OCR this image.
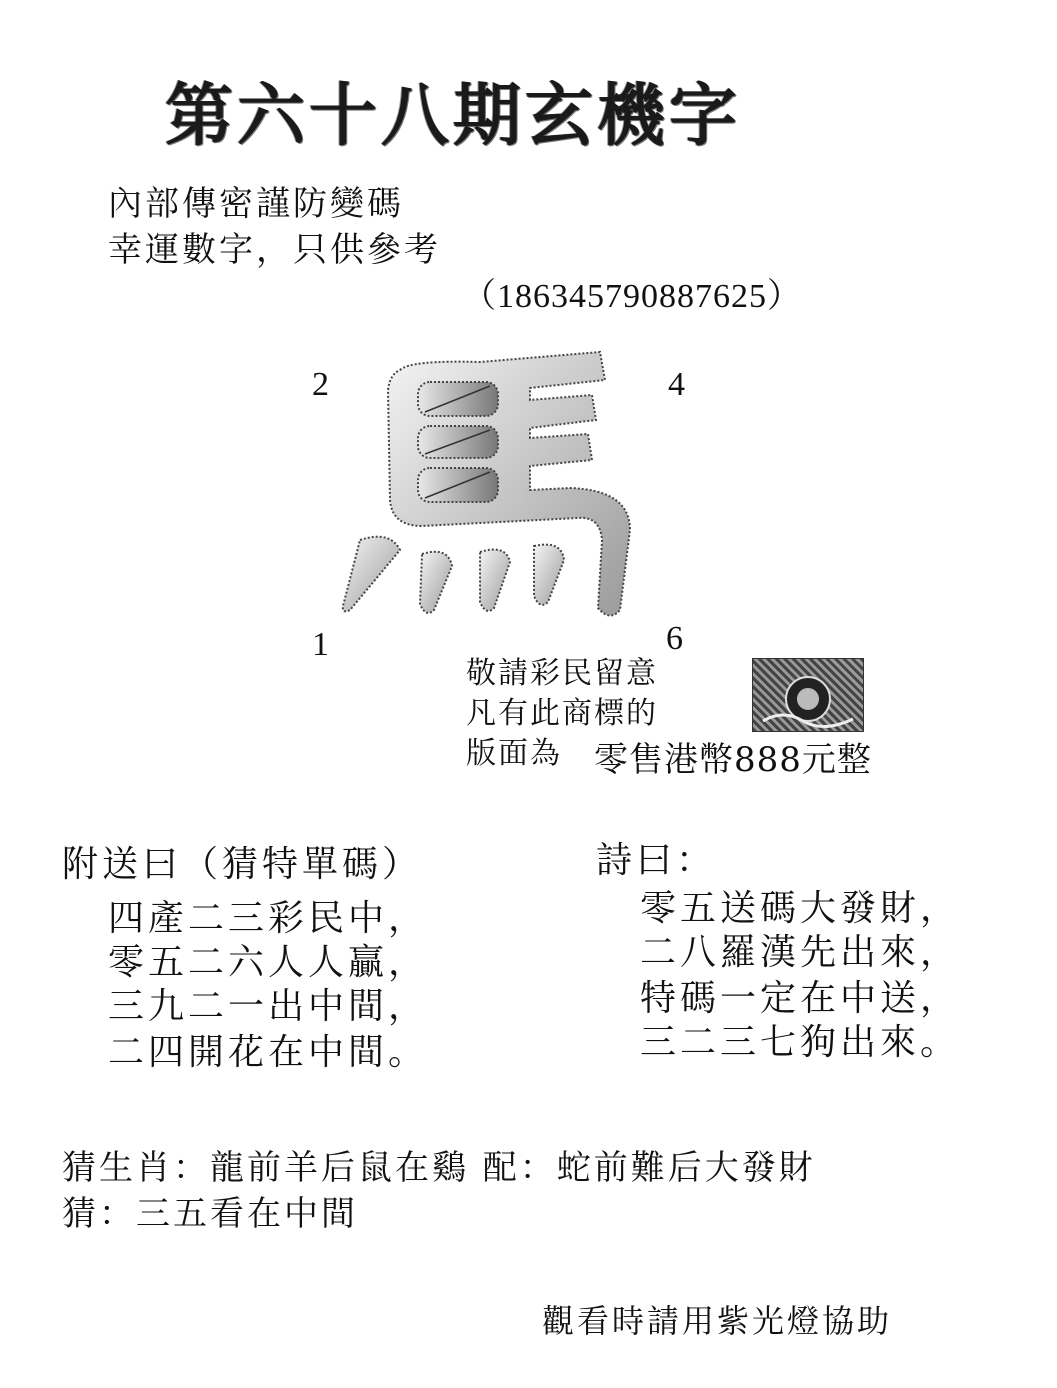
第六十八期玄機字
內部傳密謹防變碼
幸運數字，只供參考
（186345790887625）
2	4
1	6
敬請彩民留意
凡有此商標的
版面為 零售港幣888元整
附送曰（猜特單碼）
四產二三彩民中，
零五二六人人贏，
三九二一出中間，
二四開花在中間。
詩曰：
零五送碼大發財，
二八羅漢先出來，
特碼一定在中送，
三二三七狗出來。
猜生肖：龍前羊后鼠在鷄 配：蛇前難后大發財
猜：三五看在中間
觀看時請用紫光燈協助
